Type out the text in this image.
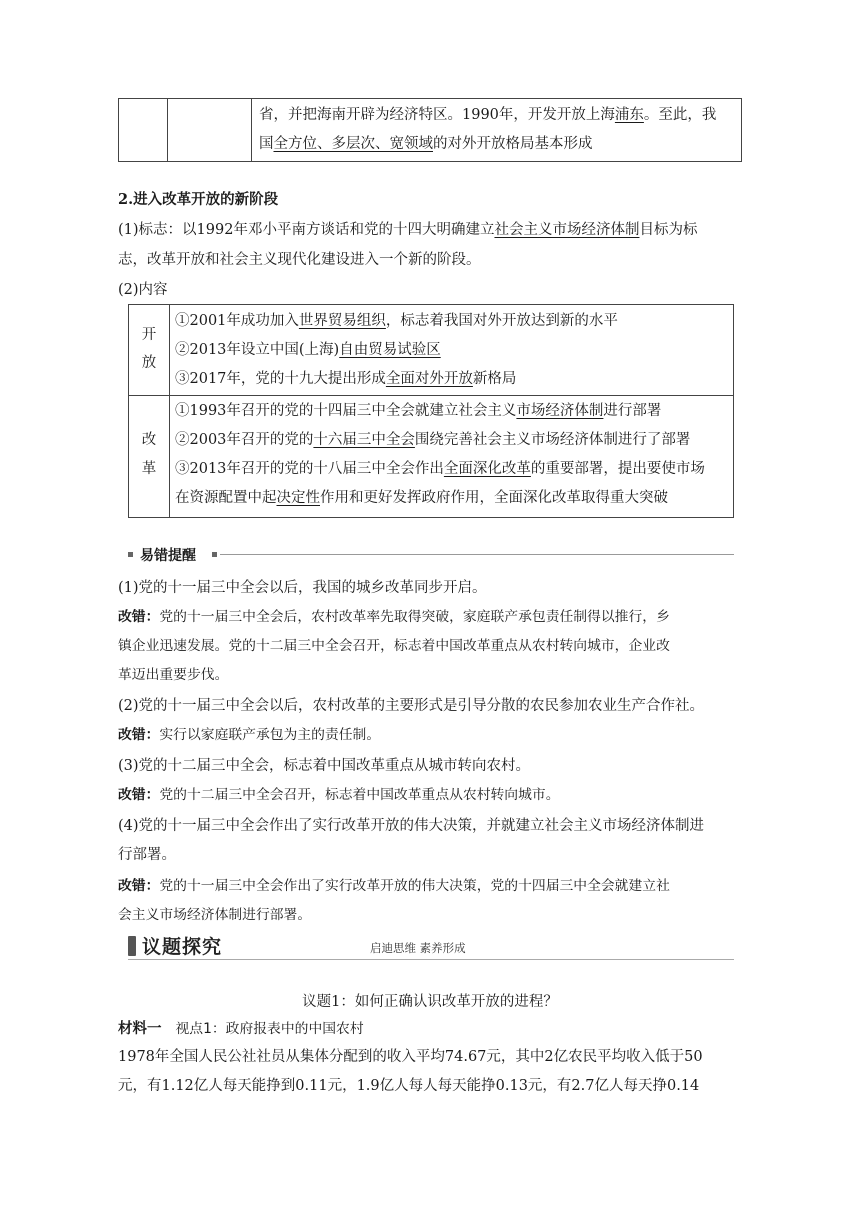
省，并把海南开辟为经济特区。1990年，开发开放上海浦东。至此，我
国全方位、多层次、宽领域的对外开放格局基本形成
2.进入改革开放的新阶段
(1)标志：以1992年邓小平南方谈话和党的十四大明确建立社会主义市场经济体制目标为标
志，改革开放和社会主义现代化建设进入一个新的阶段。
(2)内容
开
放
①2001年成功加入世界贸易组织，标志着我国对外开放达到新的水平
②2013年设立中国(上海)自由贸易试验区
③2017年，党的十九大提出形成全面对外开放新格局
改
革
①1993年召开的党的十四届三中全会就建立社会主义市场经济体制进行部署
②2003年召开的党的十六届三中全会围绕完善社会主义市场经济体制进行了部署
③2013年召开的党的十八届三中全会作出全面深化改革的重要部署，提出要使市场
在资源配置中起决定性作用和更好发挥政府作用，全面深化改革取得重大突破
易错提醒
(1)党的十一届三中全会以后，我国的城乡改革同步开启。
改错：党的十一届三中全会后，农村改革率先取得突破，家庭联产承包责任制得以推行，乡
镇企业迅速发展。党的十二届三中全会召开，标志着中国改革重点从农村转向城市，企业改
革迈出重要步伐。
(2)党的十一届三中全会以后，农村改革的主要形式是引导分散的农民参加农业生产合作社。
改错：实行以家庭联产承包为主的责任制。
(3)党的十二届三中全会，标志着中国改革重点从城市转向农村。
改错：党的十二届三中全会召开，标志着中国改革重点从农村转向城市。
(4)党的十一届三中全会作出了实行改革开放的伟大决策，并就建立社会主义市场经济体制进
行部署。
改错：党的十一届三中全会作出了实行改革开放的伟大决策，党的十四届三中全会就建立社
会主义市场经济体制进行部署。
议题探究	启迪思维 素养形成
议题1：如何正确认识改革开放的进程？
材料一 视点1：政府报表中的中国农村
1978年全国人民公社社员从集体分配到的收入平均74.67元，其中2亿农民平均收入低于50
元，有1.12亿人每天能挣到0.11元，1.9亿人每人每天能挣0.13元，有2.7亿人每天挣0.14
